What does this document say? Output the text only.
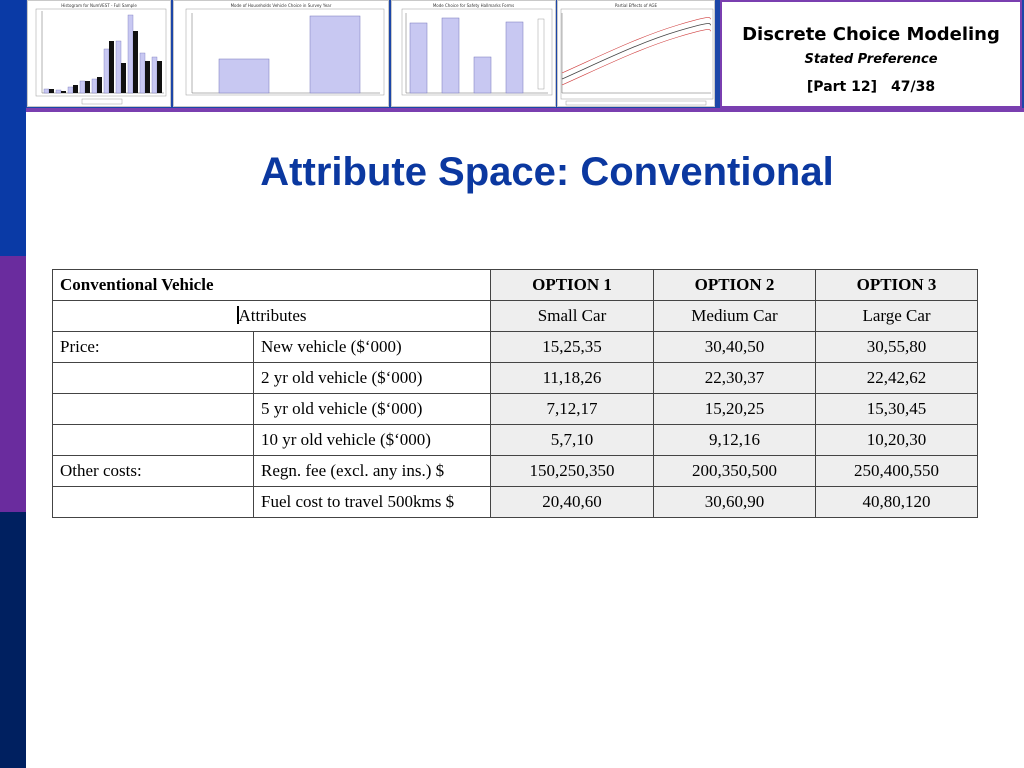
Histogram for NumVEST - Full Sample	Mode of Households Vehicle Choice in Survey Year	Mode Choice for Safety Hallmarks Forms	Partial Effects of AGE
Discrete Choice Modeling
Stated Preference
[Part 12] 47/38
Attribute Space: Conventional
Conventional Vehicle		OPTION 1	OPTION 2	OPTION 3
Attributes		Small Car	Medium Car	Large Car
Price:	New vehicle ($‘000)	15,25,35	30,40,50	30,55,80
	2 yr old vehicle ($‘000)	11,18,26	22,30,37	22,42,62
	5 yr old vehicle ($‘000)	7,12,17	15,20,25	15,30,45
	10 yr old vehicle ($‘000)	5,7,10	9,12,16	10,20,30
Other costs:	Regn. fee (excl. any ins.) $	150,250,350	200,350,500	250,400,550
	Fuel cost to travel 500kms $	20,40,60	30,60,90	40,80,120
